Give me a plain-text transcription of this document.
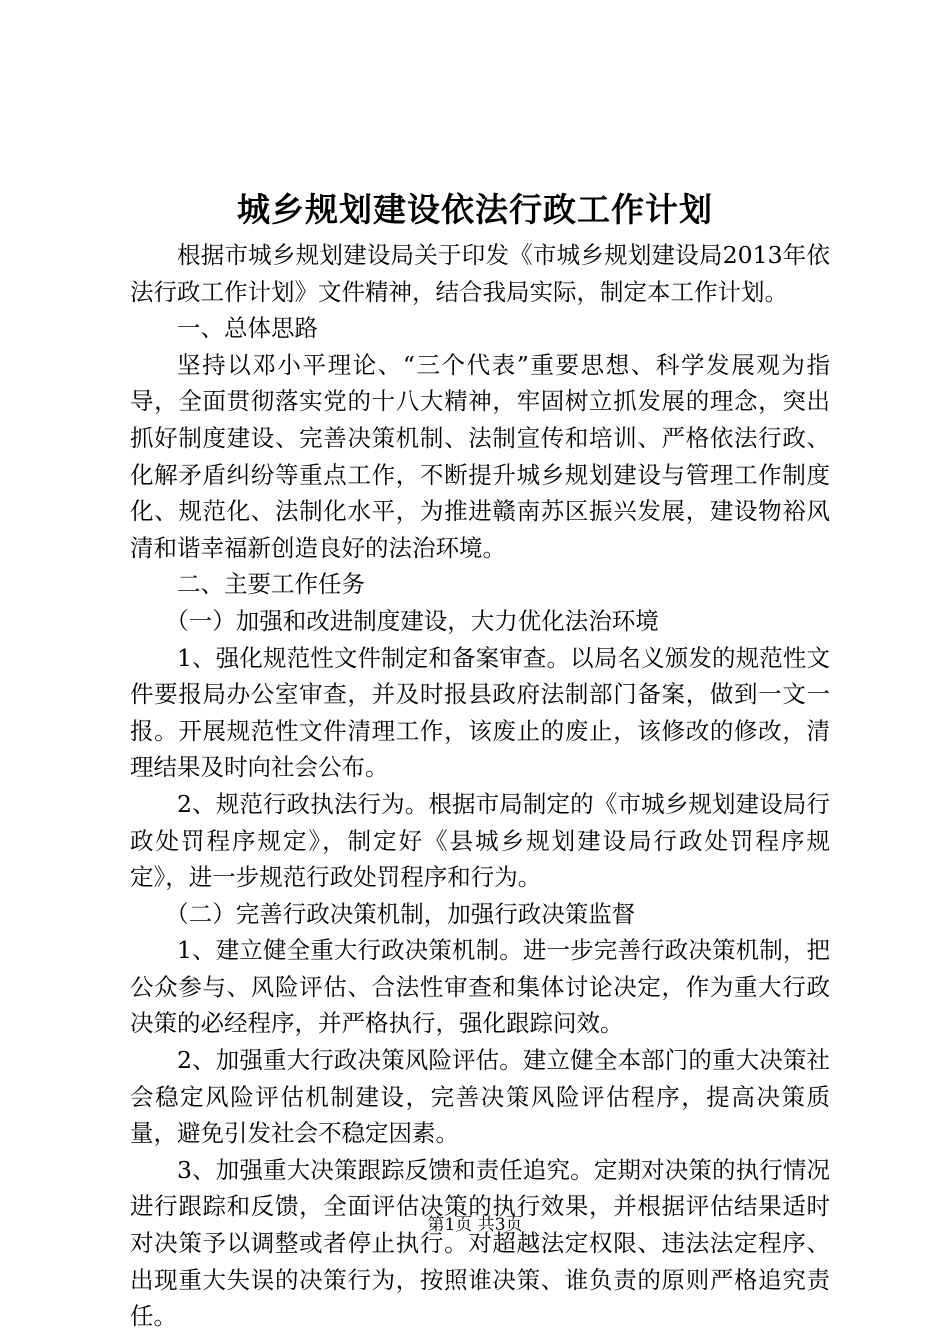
城乡规划建设依法行政工作计划

根据市城乡规划建设局关于印发《市城乡规划建设局2013年依法行政工作计划》文件精神，结合我局实际，制定本工作计划。

一、总体思路

坚持以邓小平理论、“三个代表”重要思想、科学发展观为指导，全面贯彻落实党的十八大精神，牢固树立抓发展的理念，突出抓好制度建设、完善决策机制、法制宣传和培训、严格依法行政、化解矛盾纠纷等重点工作，不断提升城乡规划建设与管理工作制度化、规范化、法制化水平，为推进赣南苏区振兴发展，建设物裕风清和谐幸福新创造良好的法治环境。

二、主要工作任务

（一）加强和改进制度建设，大力优化法治环境

1、强化规范性文件制定和备案审查。以局名义颁发的规范性文件要报局办公室审查，并及时报县政府法制部门备案，做到一文一报。开展规范性文件清理工作，该废止的废止，该修改的修改，清理结果及时向社会公布。

2、规范行政执法行为。根据市局制定的《市城乡规划建设局行政处罚程序规定》，制定好《县城乡规划建设局行政处罚程序规定》，进一步规范行政处罚程序和行为。

（二）完善行政决策机制，加强行政决策监督

1、建立健全重大行政决策机制。进一步完善行政决策机制，把公众参与、风险评估、合法性审查和集体讨论决定，作为重大行政决策的必经程序，并严格执行，强化跟踪问效。

2、加强重大行政决策风险评估。建立健全本部门的重大决策社会稳定风险评估机制建设，完善决策风险评估程序，提高决策质量，避免引发社会不稳定因素。

3、加强重大决策跟踪反馈和责任追究。定期对决策的执行情况进行跟踪和反馈，全面评估决策的执行效果，并根据评估结果适时对决策予以调整或者停止执行。对超越法定权限、违法法定程序、出现重大失误的决策行为，按照谁决策、谁负责的原则严格追究责任。

第1页 共3页
